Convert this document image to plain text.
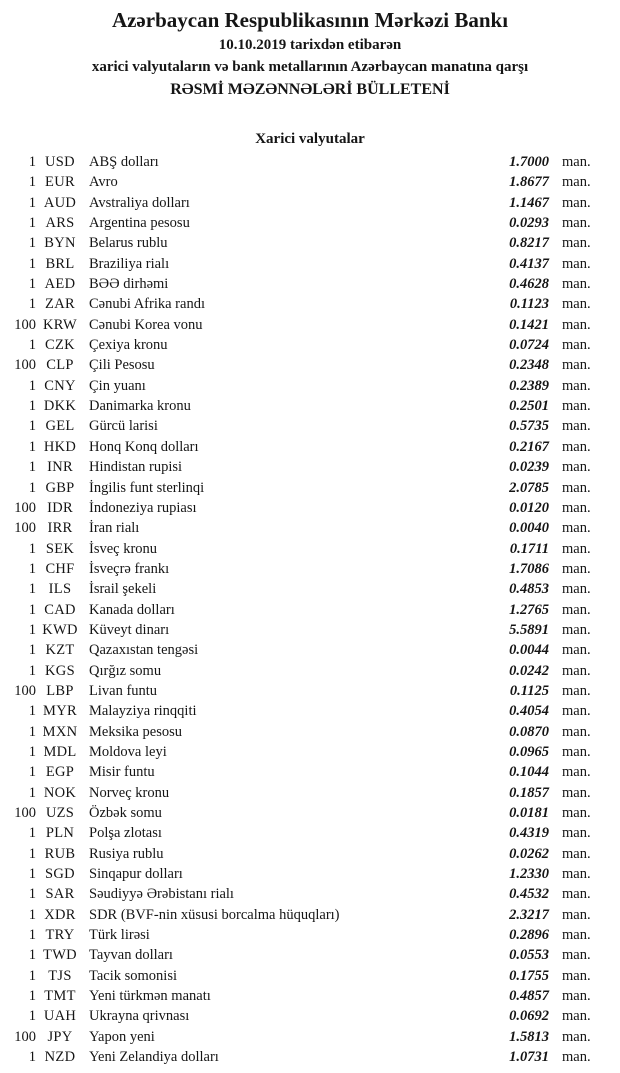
Azərbaycan Respublikasının Mərkəzi Bankı
10.10.2019 tarixdən etibarən
xarici valyutaların və bank metallarının Azərbaycan manatına qarşı
RƏSMİ MƏZƏNNƏLƏRİ BÜLLETENİ
Xarici valyutalar
1 USD ABŞ dolları	1.7000 man.
1 EUR Avro	1.8677 man.
1 AUD Avstraliya dolları	1.1467 man.
1 ARS Argentina pesosu	0.0293 man.
1 BYN Belarus rublu	0.8217 man.
1 BRL Braziliya rialı	0.4137 man.
1 AED BƏƏ dirhəmi	0.4628 man.
1 ZAR Cənubi Afrika randı	0.1123 man.
100 KRW Cənubi Korea vonu	0.1421 man.
1 CZK Çexiya kronu	0.0724 man.
100 CLP	Çili Pesosu	0.2348 man.
1 CNY Çin yuanı	0.2389 man.
1 DKK Danimarka kronu	0.2501 man.
1 GEL Gürcü larisi	0.5735 man.
1 HKD Honq Konq dolları	0.2167 man.
1 INR	Hindistan rupisi	0.0239 man.
1 GBP İngilis funt sterlinqi	2.0785 man.
100 IDR	İndoneziya rupiası	0.0120 man.
100 IRR	İran rialı	0.0040 man.
1 SEK	İsveç kronu	0.1711 man.
1 CHF İsveçrə frankı	1.7086 man.
1 ILS	İsrail şekeli	0.4853 man.
1 CAD Kanada dolları	1.2765 man.
1 KWD Küveyt dinarı	5.5891 man.
1 KZT Qazaxıstan tengəsi	0.0044 man.
1 KGS Qırğız somu	0.0242 man.
100 LBP	Livan funtu	0.1125 man.
1 MYR Malayziya rinqqiti	0.4054 man.
1 MXN Meksika pesosu	0.0870 man.
1 MDL Moldova leyi	0.0965 man.
1 EGP	Misir funtu	0.1044 man.
1 NOK Norveç kronu	0.1857 man.
100 UZS	Özbək somu	0.0181 man.
1 PLN	Polşa zlotası	0.4319 man.
1 RUB Rusiya rublu	0.0262 man.
1 SGD Sinqapur dolları	1.2330 man.
1 SAR Səudiyyə Ərəbistanı rialı	0.4532 man.
1 XDR SDR (BVF-nin xüsusi borcalma hüquqları)	2.3217 man.
1 TRY Türk lirəsi	0.2896 man.
1 TWD Tayvan dolları	0.0553 man.
1 TJS	Tacik somonisi	0.1755 man.
1 TMT Yeni türkmən manatı	0.4857 man.
1 UAH Ukrayna qrivnası	0.0692 man.
100 JPY	Yapon yeni	1.5813 man.
1 NZD Yeni Zelandiya dolları	1.0731 man.
